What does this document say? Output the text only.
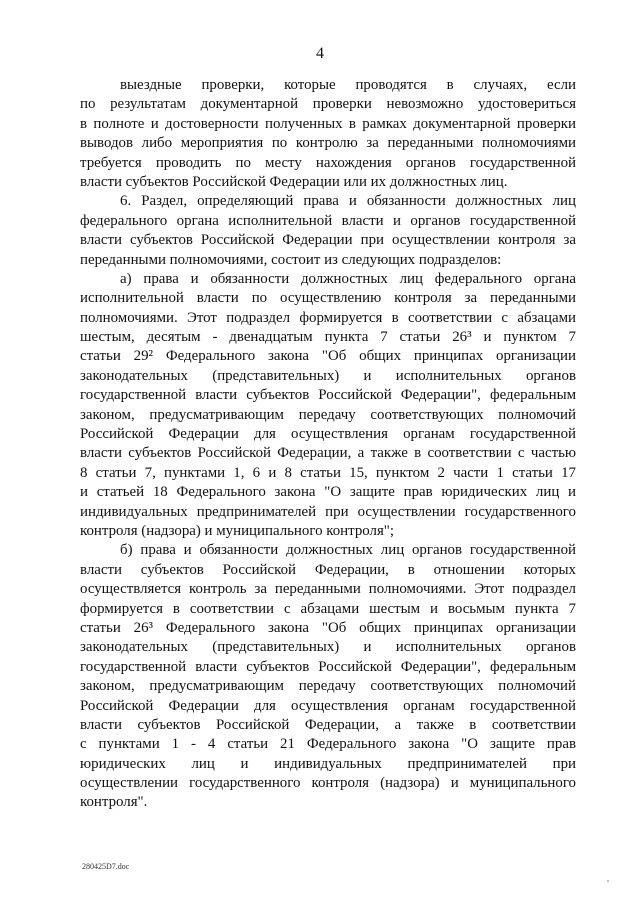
4
выездные проверки, которые проводятся в случаях, если
по результатам документарной проверки невозможно удостовериться
в полноте и достоверности полученных в рамках документарной проверки
выводов либо мероприятия по контролю за переданными полномочиями
требуется проводить по месту нахождения органов государственной
власти субъектов Российской Федерации или их должностных лиц.
6. Раздел, определяющий права и обязанности должностных лиц
федерального органа исполнительной власти и органов государственной
власти субъектов Российской Федерации при осуществлении контроля за
переданными полномочиями, состоит из следующих подразделов:
а) права и обязанности должностных лиц федерального органа
исполнительной власти по осуществлению контроля за переданными
полномочиями. Этот подраздел формируется в соответствии с абзацами
шестым, десятым - двенадцатым пункта 7 статьи 26³ и пунктом 7
статьи 29² Федерального закона "Об общих принципах организации
законодательных (представительных) и исполнительных органов
государственной власти субъектов Российской Федерации", федеральным
законом, предусматривающим передачу соответствующих полномочий
Российской Федерации для осуществления органам государственной
власти субъектов Российской Федерации, а также в соответствии с частью
8 статьи 7, пунктами 1, 6 и 8 статьи 15, пунктом 2 части 1 статьи 17
и статьей 18 Федерального закона "О защите прав юридических лиц и
индивидуальных предпринимателей при осуществлении государственного
контроля (надзора) и муниципального контроля";
б) права и обязанности должностных лиц органов государственной
власти субъектов Российской Федерации, в отношении которых
осуществляется контроль за переданными полномочиями. Этот подраздел
формируется в соответствии с абзацами шестым и восьмым пункта 7
статьи 26³ Федерального закона "Об общих принципах организации
законодательных (представительных) и исполнительных органов
государственной власти субъектов Российской Федерации", федеральным
законом, предусматривающим передачу соответствующих полномочий
Российской Федерации для осуществления органам государственной
власти субъектов Российской Федерации, а также в соответствии
с пунктами 1 - 4 статьи 21 Федерального закона "О защите прав
юридических лиц и индивидуальных предпринимателей при
осуществлении государственного контроля (надзора) и муниципального
контроля".
280425D7.doc
